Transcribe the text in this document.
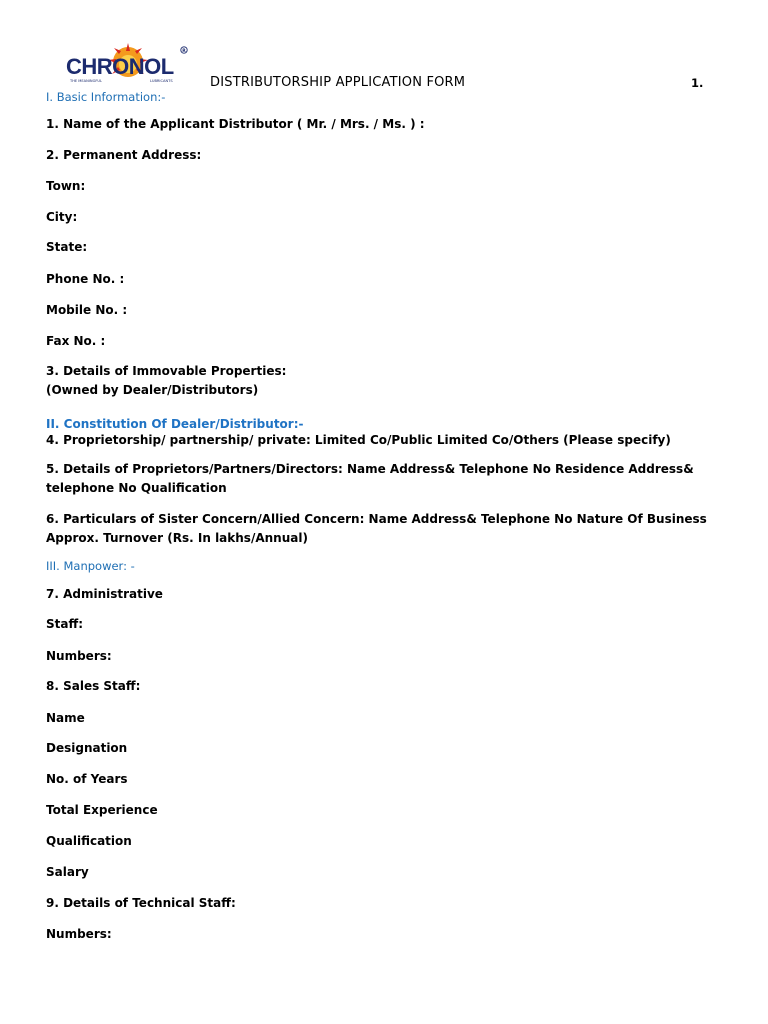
CHRONOL
R
THE MEANINGFUL	LUBRICANTS	DISTRIBUTORSHIP APPLICATION FORM	1.
I. Basic Information:-
1. Name of the Applicant Distributor ( Mr. / Mrs. / Ms. ) :
2. Permanent Address:
Town:
City:
State:
Phone No. :
Mobile No. :
Fax No. :
3. Details of Immovable Properties:
(Owned by Dealer/Distributors)
II. Constitution Of Dealer/Distributor:-
4. Proprietorship/ partnership/ private: Limited Co/Public Limited Co/Others (Please specify)
5. Details of Proprietors/Partners/Directors: Name Address& Telephone No Residence Address& telephone No Qualification
6. Particulars of Sister Concern/Allied Concern: Name Address& Telephone No Nature Of Business Approx. Turnover (Rs. In lakhs/Annual)
III. Manpower: -
7. Administrative
Staff:
Numbers:
8. Sales Staff:
Name
Designation
No. of Years
Total Experience
Qualification
Salary
9. Details of Technical Staff:
Numbers:
